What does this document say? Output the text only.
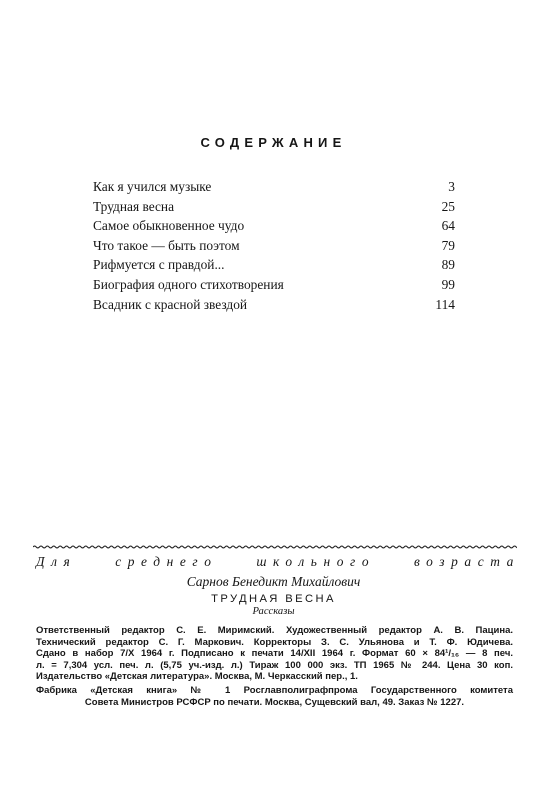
СОДЕРЖАНИЕ
Как я учился музыке	3
Трудная весна	25
Самое обыкновенное чудо	64
Что такое — быть поэтом	79
Рифмуется с правдой...	89
Биография одного стихотворения	99
Всадник с красной звездой	114
Для	среднего	школьного	возраста
Сарнов Бенедикт Михайлович
ТРУДНАЯ ВЕСНА
Рассказы
Ответственный редактор С. Е. Миримский. Художественный редактор А. В. Пацина.
Технический редактор С. Г. Маркович. Корректоры З. С. Ульянова и Т. Ф. Юдичева.
Сдано в набор 7/X 1964 г. Подписано к печати 14/XII 1964 г. Формат 60 × 84¹/₁₆ — 8 печ.
л. = 7,304 усл. печ. л. (5,75 уч.-изд. л.) Тираж 100 000 экз. ТП 1965 № 244. Цена 30 коп.
Издательство «Детская литература». Москва, М. Черкасский пер., 1.
Фабрика «Детская книга» № 1 Росглавполиграфпрома Государственного комитета
Совета Министров РСФСР по печати. Москва, Сущевский вал, 49. Заказ № 1227.
